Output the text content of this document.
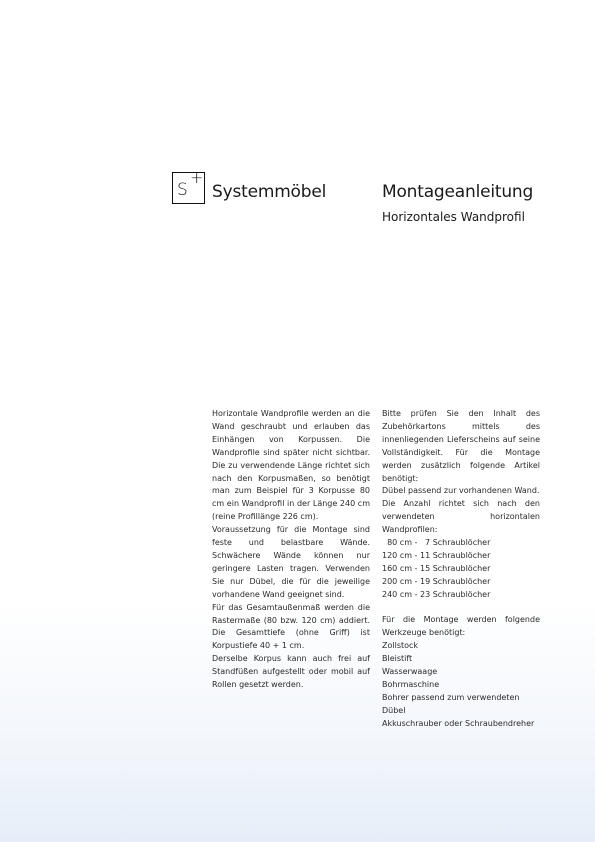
S
+
Systemmöbel	Montageanleitung
Horizontales Wandprofil

Horizontale Wandprofile werden an die Wand geschraubt und erlauben das Einhängen von Korpussen. Die Wandprofile sind später nicht sichtbar. Die zu verwendende Länge richtet sich nach den Korpusmaßen, so benötigt man zum Beispiel für 3 Korpusse 80 cm ein Wandprofil in der Länge 240 cm (reine Profillänge 226 cm).

Voraussetzung für die Montage sind feste und belastbare Wände. Schwächere Wände können nur geringere Lasten tragen. Verwenden Sie nur Dübel, die für die jeweilige vorhandene Wand geeignet sind.

Für das Gesamtaußenmaß werden die Rastermaße (80 bzw. 120 cm) addiert. Die Gesamttiefe (ohne Griff) ist Korpustiefe 40 + 1 cm.

Derselbe Korpus kann auch frei auf Standfüßen aufgestellt oder mobil auf Rollen gesetzt werden.

Bitte prüfen Sie den Inhalt des Zubehörkartons mittels des innenliegenden Lieferscheins auf seine Vollständigkeit. Für die Montage werden zusätzlich folgende Artikel benötigt:

Dübel passend zur vorhandenen Wand.

Die Anzahl richtet sich nach den verwendeten horizontalen Wandprofilen:

80 cm -   7 Schraublöcher

120 cm - 11 Schraublöcher

160 cm - 15 Schraublöcher

200 cm - 19 Schraublöcher

240 cm - 23 Schraublöcher

Für die Montage werden folgende Werkzeuge benötigt:

Zollstock

Bleistift

Wasserwaage

Bohrmaschine

Bohrer passend zum verwendeten Dübel

Akkuschrauber oder Schraubendreher
